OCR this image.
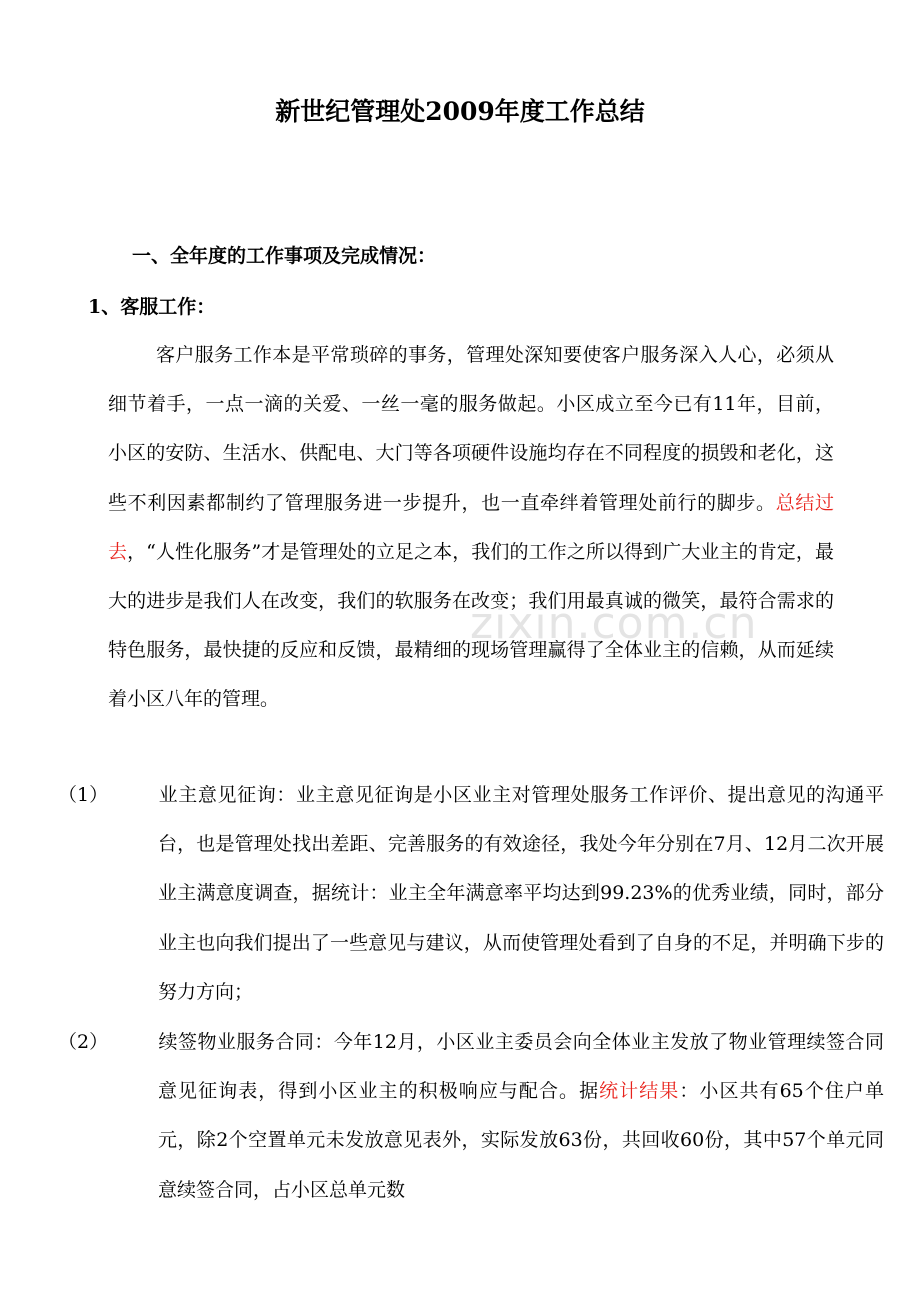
新世纪管理处2009年度工作总结
一、全年度的工作事项及完成情况：
1、客服工作：
客户服务工作本是平常琐碎的事务，管理处深知要使客户服务深入人心，必须从细节着手，一点一滴的关爱、一丝一毫的服务做起。小区成立至今已有11年，目前，小区的安防、生活水、供配电、大门等各项硬件设施均存在不同程度的损毁和老化，这些不利因素都制约了管理服务进一步提升，也一直牵绊着管理处前行的脚步。总结过去，“人性化服务”才是管理处的立足之本，我们的工作之所以得到广大业主的肯定，最大的进步是我们人在改变，我们的软服务在改变；我们用最真诚的微笑，最符合需求的特色服务，最快捷的反应和反馈，最精细的现场管理赢得了全体业主的信赖，从而延续着小区八年的管理。
（1）	业主意见征询：业主意见征询是小区业主对管理处服务工作评价、提出意见的沟通平台，也是管理处找出差距、完善服务的有效途径，我处今年分别在7月、12月二次开展业主满意度调查，据统计：业主全年满意率平均达到99.23%的优秀业绩，同时，部分业主也向我们提出了一些意见与建议，从而使管理处看到了自身的不足，并明确下步的努力方向；
（2）	续签物业服务合同：今年12月，小区业主委员会向全体业主发放了物业管理续签合同意见征询表，得到小区业主的积极响应与配合。据统计结果：小区共有65个住户单元，除2个空置单元未发放意见表外，实际发放63份，共回收60份，其中57个单元同意续签合同，占小区总单元数
zixin.com.cn
